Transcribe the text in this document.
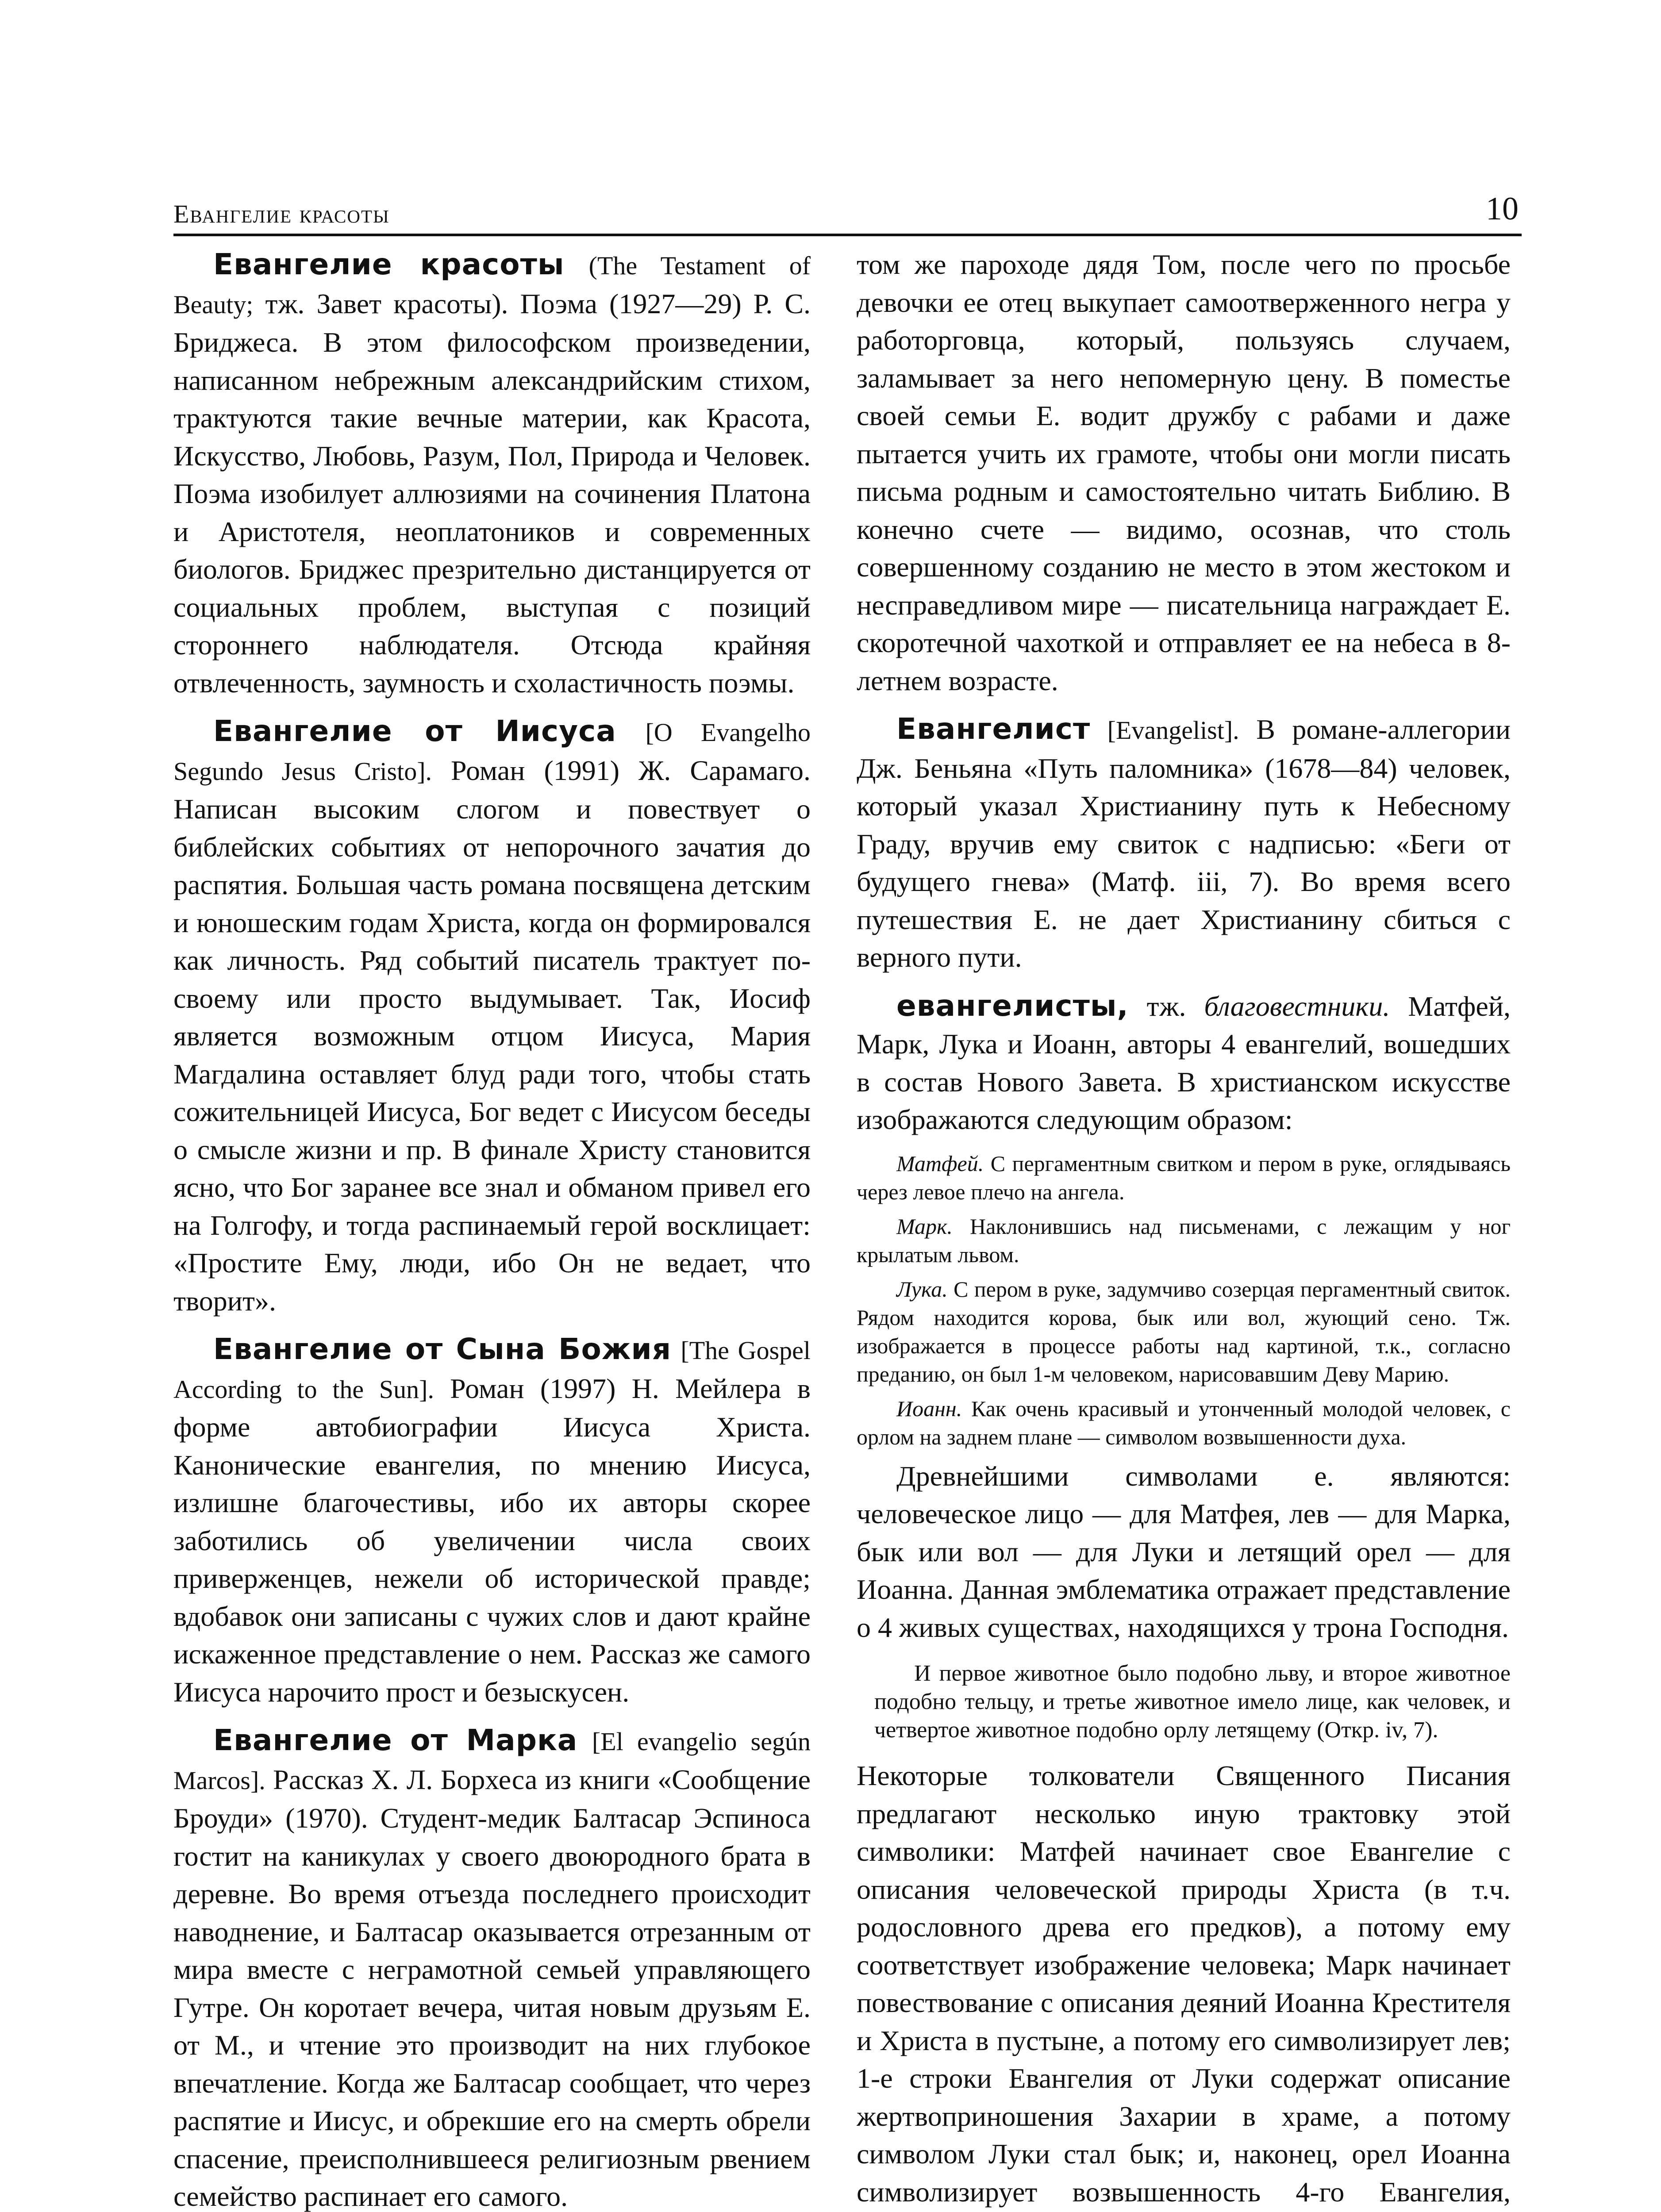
Евангелие красоты	10

Евангелие красоты (The Testament of Beauty; тж. Завет красоты). Поэма (1927—29) Р. С. Бриджеса. В этом философском произведении, написанном небрежным александрийским стихом, трактуются такие вечные материи, как Красота, Искусство, Любовь, Разум, Пол, Природа и Человек. Поэма изобилует аллюзиями на сочинения Платона и Аристотеля, неоплатоников и современных биологов. Бриджес презрительно дистанцируется от социальных проблем, выступая с позиций стороннего наблюдателя. Отсюда крайняя отвлеченность, заумность и схоластичность поэмы.

Евангелие от Иисуса [O Evangelho Segundo Jesus Cristo]. Роман (1991) Ж. Сарамаго. Написан высоким слогом и повествует о библейских событиях от непорочного зачатия до распятия. Большая часть романа посвящена детским и юношеским годам Христа, когда он формировался как личность. Ряд событий писатель трактует по-своему или просто выдумывает. Так, Иосиф является возможным отцом Иисуса, Мария Магдалина оставляет блуд ради того, чтобы стать сожительницей Иисуса, Бог ведет с Иисусом беседы о смысле жизни и пр. В финале Христу становится ясно, что Бог заранее все знал и обманом привел его на Голгофу, и тогда распинаемый герой восклицает: «Простите Ему, люди, ибо Он не ведает, что творит».

Евангелие от Сына Божия [The Gospel According to the Sun]. Роман (1997) Н. Мейлера в форме автобиографии Иисуса Христа. Канонические евангелия, по мнению Иисуса, излишне благочестивы, ибо их авторы скорее заботились об увеличении числа своих приверженцев, нежели об исторической правде; вдобавок они записаны с чужих слов и дают крайне искаженное представление о нем. Рассказ же самого Иисуса нарочито прост и безыскусен.

Евангелие от Марка [El evangelio según Marcos]. Рассказ Х. Л. Борхеса из книги «Сообщение Броуди» (1970). Студент-медик Балтасар Эспиноса гостит на каникулах у своего двоюродного брата в деревне. Во время отъезда последнего происходит наводнение, и Балтасар оказывается отрезанным от мира вместе с неграмотной семьей управляющего Гутре. Он коротает вечера, читая новым друзьям Е. от М., и чтение это производит на них глубокое впечатление. Когда же Балтасар сообщает, что через распятие и Иисус, и обрекшие его на смерть обрели спасение, преисполнившееся религиозным рвением семейство распинает его самого.

том же пароходе дядя Том, после чего по просьбе девочки ее отец выкупает самоотверженного негра у работорговца, который, пользуясь случаем, заламывает за него непомерную цену. В поместье своей семьи Е. водит дружбу с рабами и даже пытается учить их грамоте, чтобы они могли писать письма родным и самостоятельно читать Библию. В конечно счете — видимо, осознав, что столь совершенному созданию не место в этом жестоком и несправедливом мире — писательница награждает Е. скоротечной чахоткой и отправляет ее на небеса в 8-летнем возрасте.

Евангелист [Evangelist]. В романе-аллегории Дж. Беньяна «Путь паломника» (1678—84) человек, который указал Христианину путь к Небесному Граду, вручив ему свиток с надписью: «Беги от будущего гнева» (Матф. iii, 7). Во время всего путешествия Е. не дает Христианину сбиться с верного пути.

евангелисты, тж. благовестники. Матфей, Марк, Лука и Иоанн, авторы 4 евангелий, вошедших в состав Нового Завета. В христианском искусстве изображаются следующим образом:

Матфей. С пергаментным свитком и пером в руке, оглядываясь через левое плечо на ангела.

Марк. Наклонившись над письменами, с лежащим у ног крылатым львом.

Лука. С пером в руке, задумчиво созерцая пергаментный свиток. Рядом находится корова, бык или вол, жующий сено. Тж. изображается в процессе работы над картиной, т.к., согласно преданию, он был 1-м человеком, нарисовавшим Деву Марию.

Иоанн. Как очень красивый и утонченный молодой человек, с орлом на заднем плане — символом возвышенности духа.

Древнейшими символами е. являются: человеческое лицо — для Матфея, лев — для Марка, бык или вол — для Луки и летящий орел — для Иоанна. Данная эмблематика отражает представление о 4 живых существах, находящихся у трона Господня.

И первое животное было подобно льву, и второе животное подобно тельцу, и третье животное имело лице, как человек, и четвертое животное подобно орлу летящему (Откр. iv, 7).

Некоторые толкователи Священного Писания предлагают несколько иную трактовку этой символики: Матфей начинает свое Евангелие с описания человеческой природы Христа (в т.ч. родословного древа его предков), а потому ему соответствует изображение человека; Марк начинает повествование с описания деяний Иоанна Крестителя и Христа в пустыне, а потому его символизирует лев; 1-е строки Евангелия от Луки содержат описание жертвоприношения Захарии в храме, а потому символом Луки стал бык; и, наконец, орел Иоанна символизирует возвышенность 4-го Евангелия,
